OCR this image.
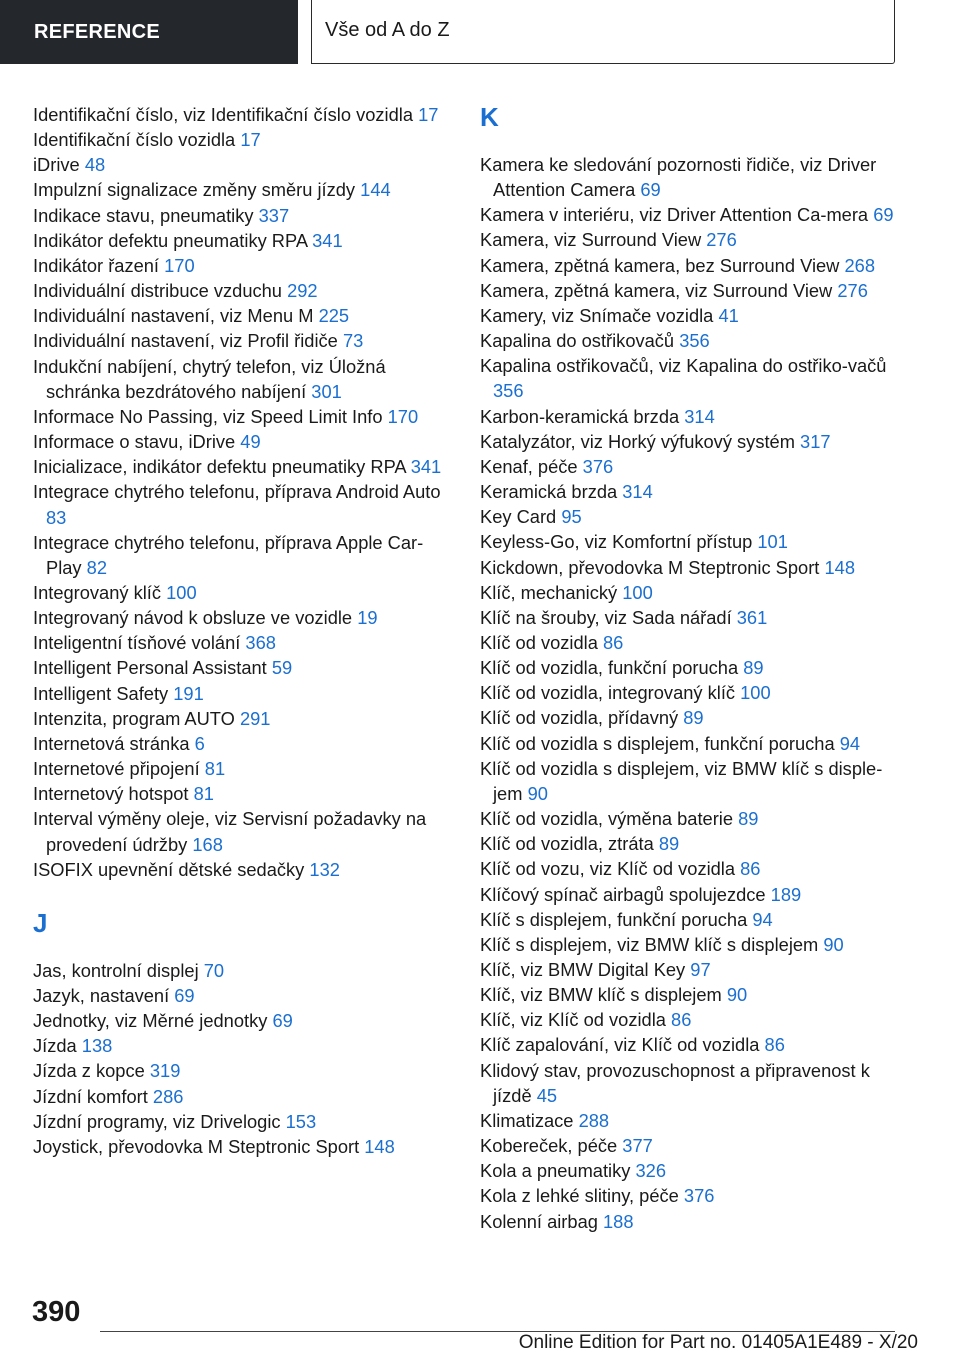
REFERENCE	Vše od A do Z
Identifikační číslo, viz Identifikační číslo vozidla 17
Identifikační číslo vozidla 17
iDrive 48
Impulzní signalizace změny směru jízdy 144
Indikace stavu, pneumatiky 337
Indikátor defektu pneumatiky RPA 341
Indikátor řazení 170
Individuální distribuce vzduchu 292
Individuální nastavení, viz Menu M 225
Individuální nastavení, viz Profil řidiče 73
Indukční nabíjení, chytrý telefon, viz Úložná schránka bezdrátového nabíjení 301
Informace No Passing, viz Speed Limit Info 170
Informace o stavu, iDrive 49
Inicializace, indikátor defektu pneumatiky RPA 341
Integrace chytrého telefonu, příprava Android Auto 83
Integrace chytrého telefonu, příprava Apple Car-Play 82
Integrovaný klíč 100
Integrovaný návod k obsluze ve vozidle 19
Inteligentní tísňové volání 368
Intelligent Personal Assistant 59
Intelligent Safety 191
Intenzita, program AUTO 291
Internetová stránka 6
Internetové připojení 81
Internetový hotspot 81
Interval výměny oleje, viz Servisní požadavky na provedení údržby 168
ISOFIX upevnění dětské sedačky 132
J
Jas, kontrolní displej 70
Jazyk, nastavení 69
Jednotky, viz Měrné jednotky 69
Jízda 138
Jízda z kopce 319
Jízdní komfort 286
Jízdní programy, viz Drivelogic 153
Joystick, převodovka M Steptronic Sport 148
K
Kamera ke sledování pozornosti řidiče, viz Driver Attention Camera 69
Kamera v interiéru, viz Driver Attention Ca-mera 69
Kamera, viz Surround View 276
Kamera, zpětná kamera, bez Surround View 268
Kamera, zpětná kamera, viz Surround View 276
Kamery, viz Snímače vozidla 41
Kapalina do ostřikovačů 356
Kapalina ostřikovačů, viz Kapalina do ostřiko-vačů 356
Karbon-keramická brzda 314
Katalyzátor, viz Horký výfukový systém 317
Kenaf, péče 376
Keramická brzda 314
Key Card 95
Keyless-Go, viz Komfortní přístup 101
Kickdown, převodovka M Steptronic Sport 148
Klíč, mechanický 100
Klíč na šrouby, viz Sada nářadí 361
Klíč od vozidla 86
Klíč od vozidla, funkční porucha 89
Klíč od vozidla, integrovaný klíč 100
Klíč od vozidla, přídavný 89
Klíč od vozidla s displejem, funkční porucha 94
Klíč od vozidla s displejem, viz BMW klíč s disple-jem 90
Klíč od vozidla, výměna baterie 89
Klíč od vozidla, ztráta 89
Klíč od vozu, viz Klíč od vozidla 86
Klíčový spínač airbagů spolujezdce 189
Klíč s displejem, funkční porucha 94
Klíč s displejem, viz BMW klíč s displejem 90
Klíč, viz BMW Digital Key 97
Klíč, viz BMW klíč s displejem 90
Klíč, viz Klíč od vozidla 86
Klíč zapalování, viz Klíč od vozidla 86
Klidový stav, provozuschopnost a připravenost k jízdě 45
Klimatizace 288
Kobereček, péče 377
Kola a pneumatiky 326
Kola z lehké slitiny, péče 376
Kolenní airbag 188
390
Online Edition for Part no. 01405A1E489 - X/20
